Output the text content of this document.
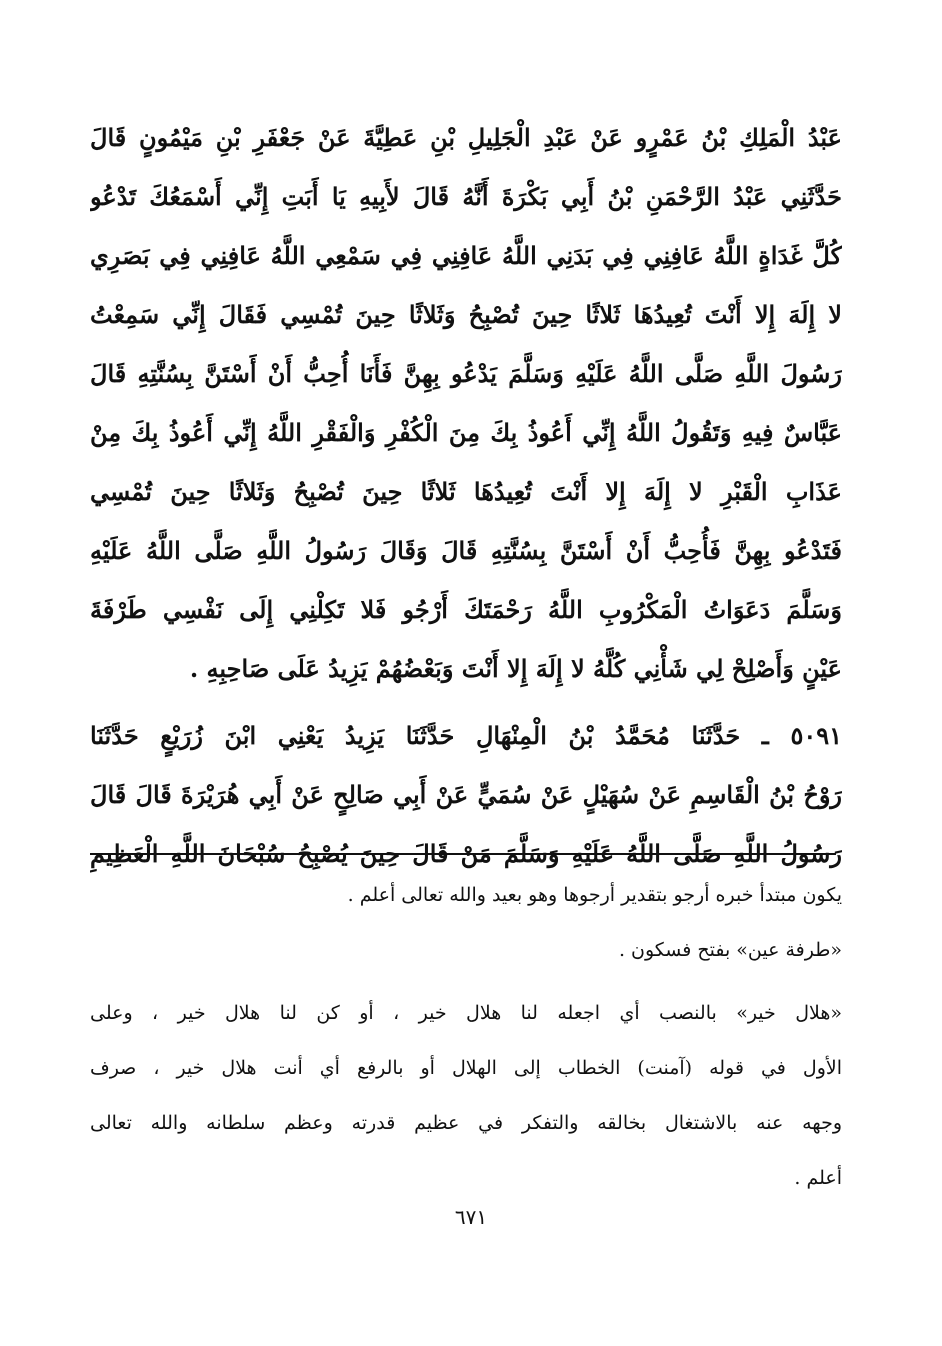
عَبْدُ الْمَلِكِ بْنُ عَمْرٍو عَنْ عَبْدِ الْجَلِيلِ بْنِ عَطِيَّةَ عَنْ جَعْفَرِ بْنِ مَيْمُونٍ قَالَ
حَدَّثَنِي عَبْدُ الرَّحْمَنِ بْنُ أَبِي بَكْرَةَ أَنَّهُ قَالَ لأَبِيهِ يَا أَبَتِ إِنِّي أَسْمَعُكَ تَدْعُو
كُلَّ غَدَاةٍ اللَّهُ عَافِنِي فِي بَدَنِي اللَّهُ عَافِنِي فِي سَمْعِي اللَّهُ عَافِنِي فِي بَصَرِي
لا إِلَهَ إِلا أَنْتَ تُعِيدُهَا ثَلاثًا حِينَ تُصْبِحُ وَثَلاثًا حِينَ تُمْسِي فَقَالَ إِنِّي سَمِعْتُ
رَسُولَ اللَّهِ صَلَّى اللَّهُ عَلَيْهِ وَسَلَّمَ يَدْعُو بِهِنَّ فَأَنَا أُحِبُّ أَنْ أَسْتَنَّ بِسُنَّتِهِ قَالَ
عَبَّاسٌ فِيهِ وَتَقُولُ اللَّهُ إِنِّي أَعُوذُ بِكَ مِنَ الْكُفْرِ وَالْفَقْرِ اللَّهُ إِنِّي أَعُوذُ بِكَ مِنْ
عَذَابِ الْقَبْرِ لا إِلَهَ إِلا أَنْتَ تُعِيدُهَا ثَلاثًا حِينَ تُصْبِحُ وَثَلاثًا حِينَ تُمْسِي
فَتَدْعُو بِهِنَّ فَأُحِبُّ أَنْ أَسْتَنَّ بِسُنَّتِهِ قَالَ وَقَالَ رَسُولُ اللَّهِ صَلَّى اللَّهُ عَلَيْهِ
وَسَلَّمَ دَعَوَاتُ الْمَكْرُوبِ اللَّهُ رَحْمَتَكَ أَرْجُو فَلا تَكِلْنِي إِلَى نَفْسِي طَرْفَةَ
عَيْنٍ وَأَصْلِحْ لِي شَأْنِي كُلَّهُ لا إِلَهَ إِلا أَنْتَ وَبَعْضُهُمْ يَزِيدُ عَلَى صَاحِبِهِ .
٥٠٩١ ـ حَدَّثَنَا مُحَمَّدُ بْنُ الْمِنْهَالِ حَدَّثَنَا يَزِيدُ يَعْنِي ابْنَ زُرَيْعٍ حَدَّثَنَا
رَوْحُ بْنُ الْقَاسِمِ عَنْ سُهَيْلٍ عَنْ سُمَيٍّ عَنْ أَبِي صَالِحٍ عَنْ أَبِي هُرَيْرَةَ قَالَ قَالَ
رَسُولُ اللَّهِ صَلَّى اللَّهُ عَلَيْهِ وَسَلَّمَ مَنْ قَالَ حِينَ يُصْبِحُ سُبْحَانَ اللَّهِ الْعَظِيمِ
يكون مبتدأ خبره أرجو بتقدير أرجوها وهو بعيد والله تعالى أعلم .
«طرفة عين» بفتح فسكون .
«هلال خير» بالنصب أي اجعله لنا هلال خير ، أو كن لنا هلال خير ، وعلى
الأول في قوله (آمنت) الخطاب إلى الهلال أو بالرفع أي أنت هلال خير ، صرف
وجهه عنه بالاشتغال بخالقه والتفكر في عظيم قدرته وعظم سلطانه والله تعالى
أعلم .
٦٧١
